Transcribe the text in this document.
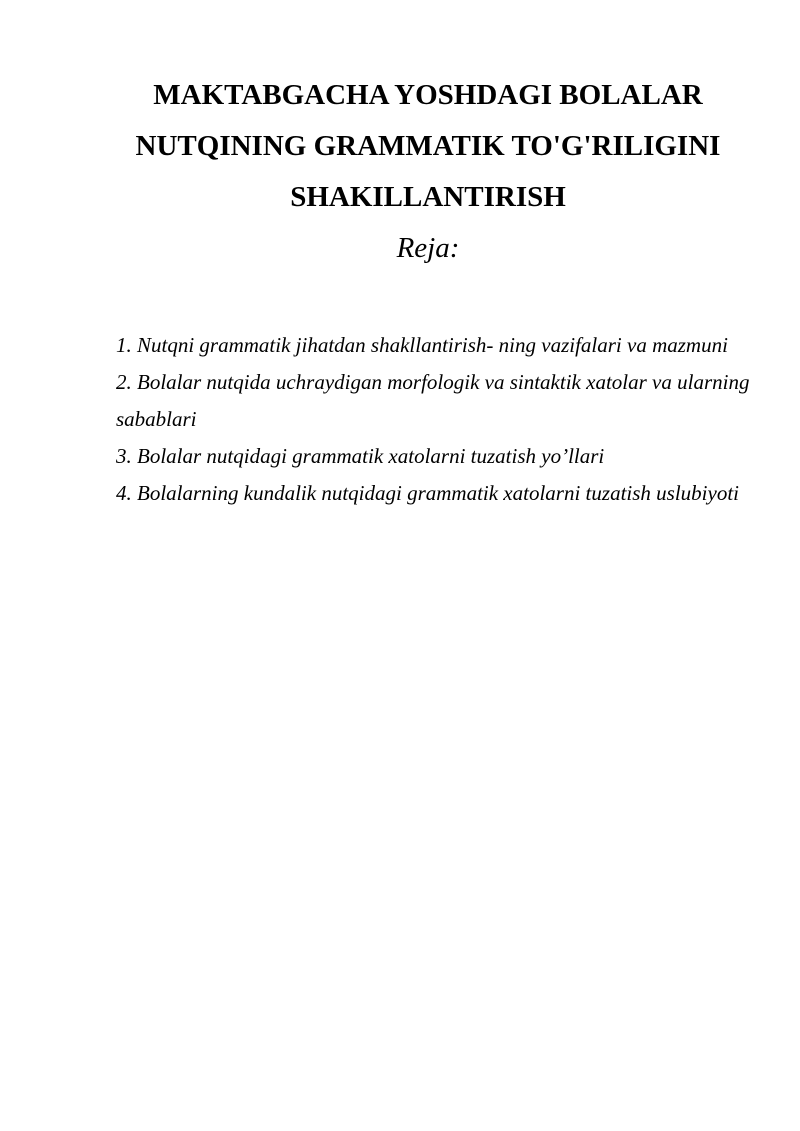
MAKTABGACHA YOSHDAGI BOLALAR
NUTQINING GRAMMATIK TO'G'RILIGINI
SHAKILLANTIRISH
Reja:
1. Nutqni grammatik jihatdan shakllantirish- ning vazifalari va mazmuni
2. Bolalar nutqida uchraydigan morfologik va sintaktik xatolar va ularning sabablari
3. Bolalar nutqidagi grammatik xatolarni tuzatish yo’llari
4. Bolalarning kundalik nutqidagi grammatik xatolarni tuzatish uslubiyoti
